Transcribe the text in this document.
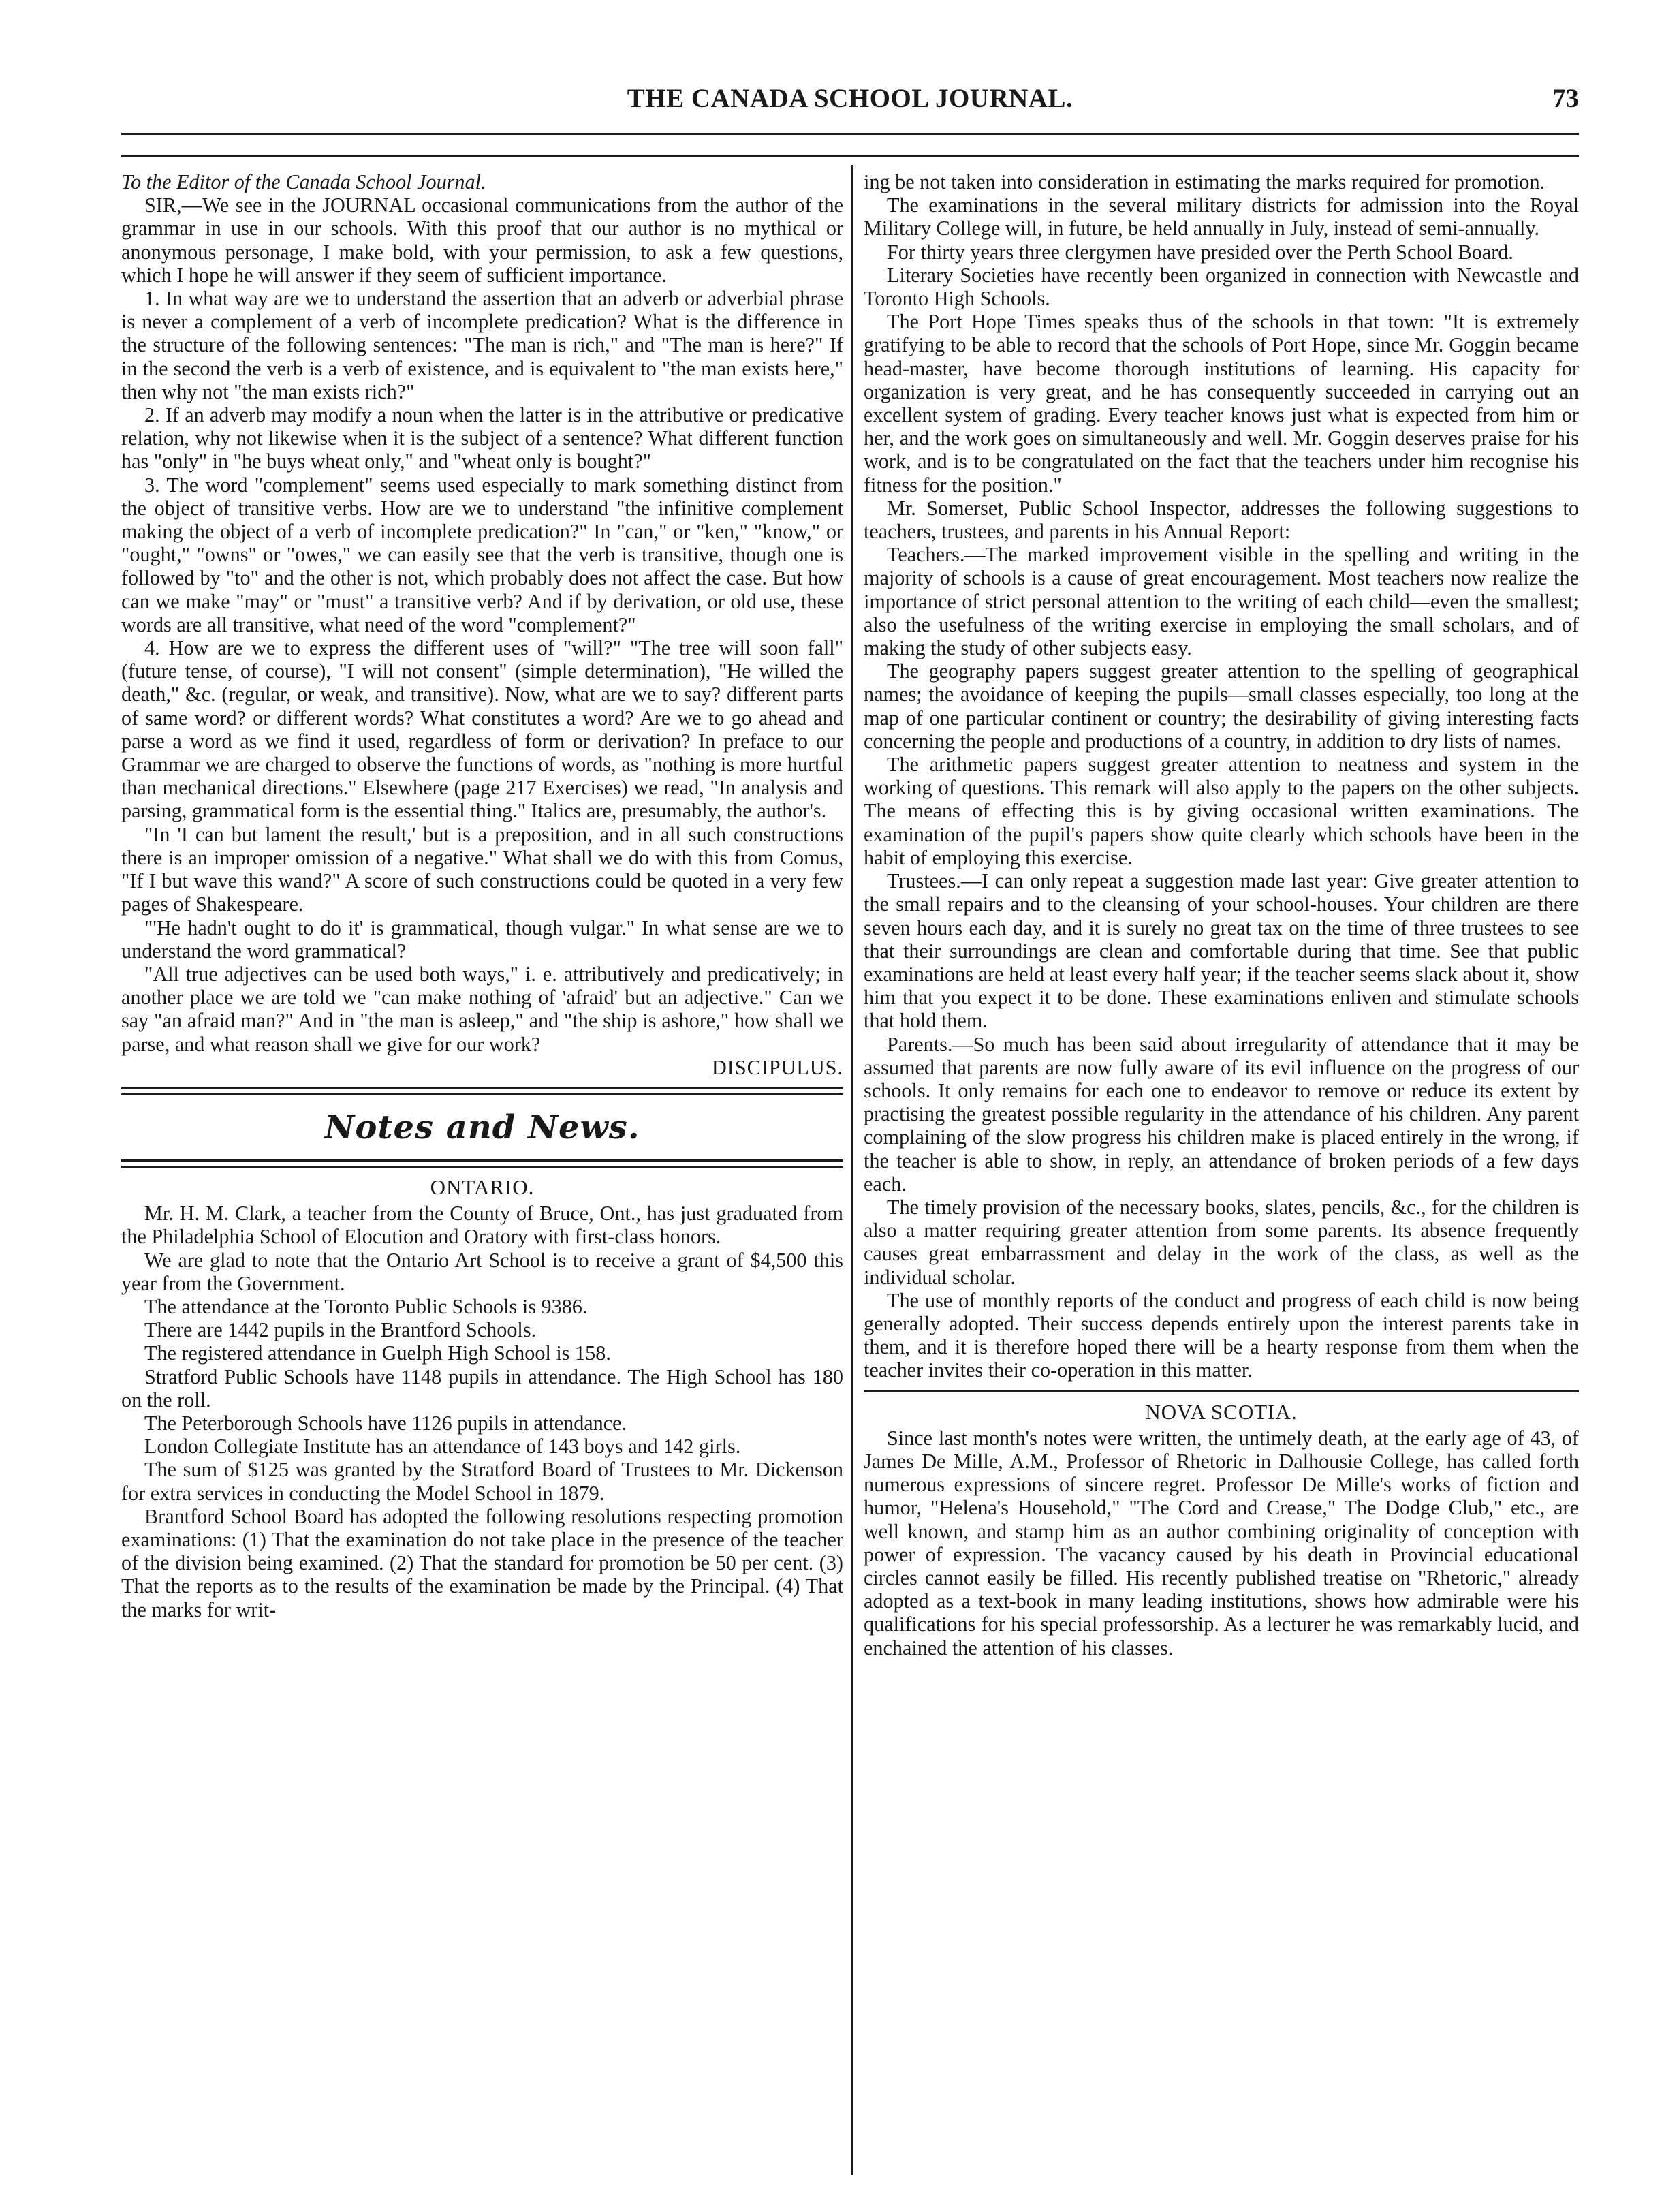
THE CANADA SCHOOL JOURNAL.	73

To the Editor of the Canada School Journal.

SIR,—We see in the JOURNAL occasional communications from the author of the grammar in use in our schools. With this proof that our author is no mythical or anonymous personage, I make bold, with your permission, to ask a few questions, which I hope he will answer if they seem of sufficient importance.

1. In what way are we to understand the assertion that an adverb or adverbial phrase is never a complement of a verb of incomplete predication? What is the difference in the structure of the following sentences: "The man is rich," and "The man is here?" If in the second the verb is a verb of existence, and is equivalent to "the man exists here," then why not "the man exists rich?"

2. If an adverb may modify a noun when the latter is in the attributive or predicative relation, why not likewise when it is the subject of a sentence? What different function has "only" in "he buys wheat only," and "wheat only is bought?"

3. The word "complement" seems used especially to mark something distinct from the object of transitive verbs. How are we to understand "the infinitive complement making the object of a verb of incomplete predication?" In "can," or "ken," "know," or "ought," "owns" or "owes," we can easily see that the verb is transitive, though one is followed by "to" and the other is not, which probably does not affect the case. But how can we make "may" or "must" a transitive verb? And if by derivation, or old use, these words are all transitive, what need of the word "complement?"

4. How are we to express the different uses of "will?" "The tree will soon fall" (future tense, of course), "I will not consent" (simple determination), "He willed the death," &c. (regular, or weak, and transitive). Now, what are we to say? different parts of same word? or different words? What constitutes a word? Are we to go ahead and parse a word as we find it used, regardless of form or derivation? In preface to our Grammar we are charged to observe the functions of words, as "nothing is more hurtful than mechanical directions." Elsewhere (page 217 Exercises) we read, "In analysis and parsing, grammatical form is the essential thing." Italics are, presumably, the author's.

"In 'I can but lament the result,' but is a preposition, and in all such constructions there is an improper omission of a negative." What shall we do with this from Comus, "If I but wave this wand?" A score of such constructions could be quoted in a very few pages of Shakespeare.

"'He hadn't ought to do it' is grammatical, though vulgar." In what sense are we to understand the word grammatical?

"All true adjectives can be used both ways," i. e. attributively and predicatively; in another place we are told we "can make nothing of 'afraid' but an adjective." Can we say "an afraid man?" And in "the man is asleep," and "the ship is ashore," how shall we parse, and what reason shall we give for our work?

DISCIPULUS.

Notes and News.

ONTARIO.

Mr. H. M. Clark, a teacher from the County of Bruce, Ont., has just graduated from the Philadelphia School of Elocution and Oratory with first-class honors.

We are glad to note that the Ontario Art School is to receive a grant of $4,500 this year from the Government.

The attendance at the Toronto Public Schools is 9386.

There are 1442 pupils in the Brantford Schools.

The registered attendance in Guelph High School is 158.

Stratford Public Schools have 1148 pupils in attendance. The High School has 180 on the roll.

The Peterborough Schools have 1126 pupils in attendance.

London Collegiate Institute has an attendance of 143 boys and 142 girls.

The sum of $125 was granted by the Stratford Board of Trustees to Mr. Dickenson for extra services in conducting the Model School in 1879.

Brantford School Board has adopted the following resolutions respecting promotion examinations: (1) That the examination do not take place in the presence of the teacher of the division being examined. (2) That the standard for promotion be 50 per cent. (3) That the reports as to the results of the examination be made by the Principal. (4) That the marks for writ-

ing be not taken into consideration in estimating the marks required for promotion.

The examinations in the several military districts for admission into the Royal Military College will, in future, be held annually in July, instead of semi-annually.

For thirty years three clergymen have presided over the Perth School Board.

Literary Societies have recently been organized in connection with Newcastle and Toronto High Schools.

The Port Hope Times speaks thus of the schools in that town: "It is extremely gratifying to be able to record that the schools of Port Hope, since Mr. Goggin became head-master, have become thorough institutions of learning. His capacity for organization is very great, and he has consequently succeeded in carrying out an excellent system of grading. Every teacher knows just what is expected from him or her, and the work goes on simultaneously and well. Mr. Goggin deserves praise for his work, and is to be congratulated on the fact that the teachers under him recognise his fitness for the position."

Mr. Somerset, Public School Inspector, addresses the following suggestions to teachers, trustees, and parents in his Annual Report:

Teachers.—The marked improvement visible in the spelling and writing in the majority of schools is a cause of great encouragement. Most teachers now realize the importance of strict personal attention to the writing of each child—even the smallest; also the usefulness of the writing exercise in employing the small scholars, and of making the study of other subjects easy.

The geography papers suggest greater attention to the spelling of geographical names; the avoidance of keeping the pupils—small classes especially, too long at the map of one particular continent or country; the desirability of giving interesting facts concerning the people and productions of a country, in addition to dry lists of names.

The arithmetic papers suggest greater attention to neatness and system in the working of questions. This remark will also apply to the papers on the other subjects. The means of effecting this is by giving occasional written examinations. The examination of the pupil's papers show quite clearly which schools have been in the habit of employing this exercise.

Trustees.—I can only repeat a suggestion made last year: Give greater attention to the small repairs and to the cleansing of your school-houses. Your children are there seven hours each day, and it is surely no great tax on the time of three trustees to see that their surroundings are clean and comfortable during that time. See that public examinations are held at least every half year; if the teacher seems slack about it, show him that you expect it to be done. These examinations enliven and stimulate schools that hold them.

Parents.—So much has been said about irregularity of attendance that it may be assumed that parents are now fully aware of its evil influence on the progress of our schools. It only remains for each one to endeavor to remove or reduce its extent by practising the greatest possible regularity in the attendance of his children. Any parent complaining of the slow progress his children make is placed entirely in the wrong, if the teacher is able to show, in reply, an attendance of broken periods of a few days each.

The timely provision of the necessary books, slates, pencils, &c., for the children is also a matter requiring greater attention from some parents. Its absence frequently causes great embarrassment and delay in the work of the class, as well as the individual scholar.

The use of monthly reports of the conduct and progress of each child is now being generally adopted. Their success depends entirely upon the interest parents take in them, and it is therefore hoped there will be a hearty response from them when the teacher invites their co-operation in this matter.

NOVA SCOTIA.

Since last month's notes were written, the untimely death, at the early age of 43, of James De Mille, A.M., Professor of Rhetoric in Dalhousie College, has called forth numerous expressions of sincere regret. Professor De Mille's works of fiction and humor, "Helena's Household," "The Cord and Crease," The Dodge Club," etc., are well known, and stamp him as an author combining originality of conception with power of expression. The vacancy caused by his death in Provincial educational circles cannot easily be filled. His recently published treatise on "Rhetoric," already adopted as a text-book in many leading institutions, shows how admirable were his qualifications for his special professorship. As a lecturer he was remarkably lucid, and enchained the attention of his classes.
